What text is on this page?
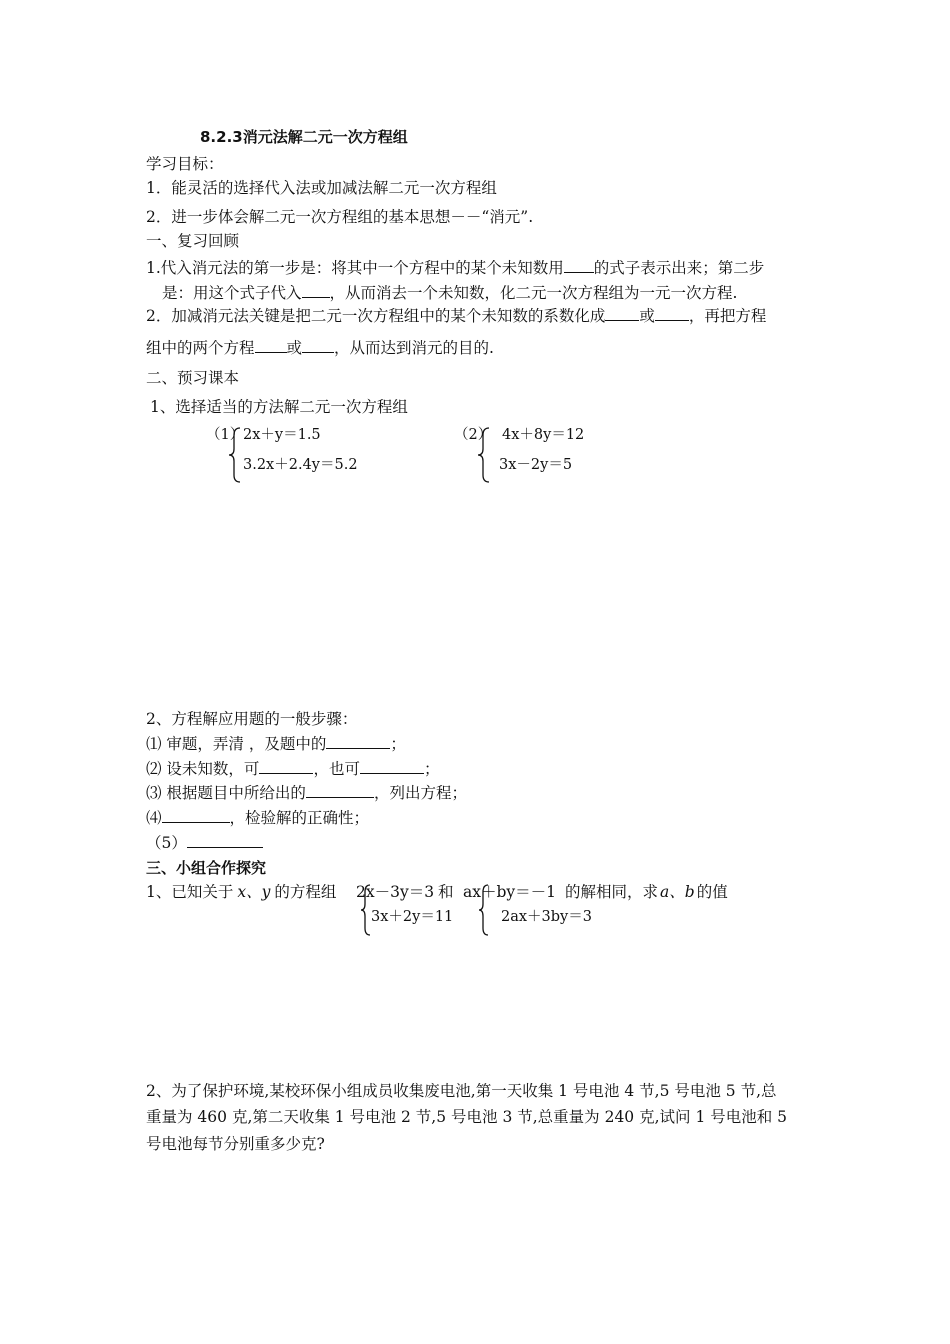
8.2.3消元法解二元一次方程组
学习目标：
1．能灵活的选择代入法或加减法解二元一次方程组
2．进一步体会解二元一次方程组的基本思想－－“消元”.
一、复习回顾
1.代入消元法的第一步是：将其中一个方程中的某个未知数用 的式子表示出来；第二步
是：用这个式子代入 ，从而消去一个未知数，化二元一次方程组为一元一次方程.
2．加减消元法关键是把二元一次方程组中的某个未知数的系数化成 或 ，再把方程
组中的两个方程 或 ，从而达到消元的目的.
二、预习课本
1、选择适当的方法解二元一次方程组
（1）
2x＋y＝1.5
3.2x＋2.4y＝5.2
（2） 4x＋8y＝12
3x－2y＝5
2、方程解应用题的一般步骤：
⑴ 审题，弄清 ，及题中的	；
⑵ 设未知数，可	，也可	；
⑶ 根据题目中所给出的	，列出方程；
⑷	，检验解的正确性；
（5）
三、小组合作探究
1、已知关于 x、y 的方程组 2x－3y＝3 和 ax＋by＝－1 的解相同，求 a、b 的值
3x＋2y＝11	2ax＋3by＝3
2、为了保护环境,某校环保小组成员收集废电池,第一天收集 1 号电池 4 节,5 号电池 5 节,总
重量为 460 克,第二天收集 1 号电池 2 节,5 号电池 3 节,总重量为 240 克,试问 1 号电池和 5
号电池每节分别重多少克?
